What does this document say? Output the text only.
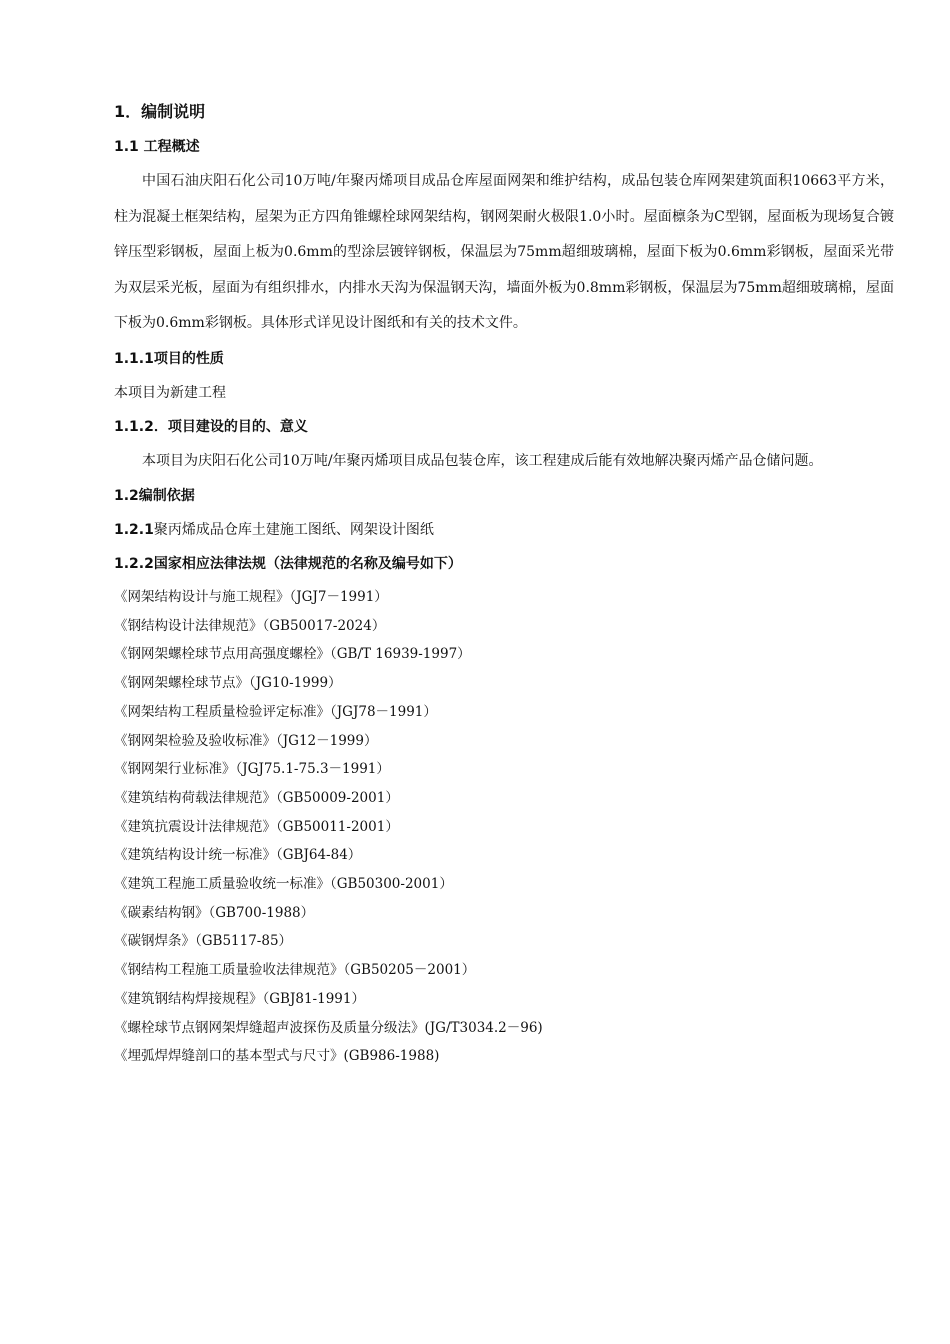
1．编制说明
1.1 工程概述

中国石油庆阳石化公司10万吨/年聚丙烯项目成品仓库屋面网架和维护结构，成品包装仓库网架建筑面积10663平方米，柱为混凝土框架结构，屋架为正方四角锥螺栓球网架结构，钢网架耐火极限1.0小时。屋面檩条为C型钢，屋面板为现场复合镀锌压型彩钢板，屋面上板为0.6mm的型涂层镀锌钢板，保温层为75mm超细玻璃棉，屋面下板为0.6mm彩钢板，屋面采光带为双层采光板，屋面为有组织排水，内排水天沟为保温钢天沟，墙面外板为0.8mm彩钢板，保温层为75mm超细玻璃棉，屋面下板为0.6mm彩钢板。具体形式详见设计图纸和有关的技术文件。

1.1.1项目的性质

本项目为新建工程

1.1.2．项目建设的目的、意义

本项目为庆阳石化公司10万吨/年聚丙烯项目成品包装仓库，该工程建成后能有效地解决聚丙烯产品仓储问题。

1.2编制依据
1.2.1聚丙烯成品仓库土建施工图纸、网架设计图纸
1.2.2国家相应法律法规（法律规范的名称及编号如下）
《网架结构设计与施工规程》（JGJ7－1991）
《钢结构设计法律规范》（GB50017-2024）
《钢网架螺栓球节点用高强度螺栓》（GB/T 16939-1997）
《钢网架螺栓球节点》（JG10-1999）
《网架结构工程质量检验评定标准》（JGJ78－1991）
《钢网架检验及验收标准》（JG12－1999）
《钢网架行业标准》（JGJ75.1-75.3－1991）
《建筑结构荷载法律规范》（GB50009-2001）
《建筑抗震设计法律规范》（GB50011-2001）
《建筑结构设计统一标准》（GBJ64-84）
《建筑工程施工质量验收统一标准》（GB50300-2001）
《碳素结构钢》（GB700-1988）
《碳钢焊条》（GB5117-85）
《钢结构工程施工质量验收法律规范》（GB50205－2001）
《建筑钢结构焊接规程》（GBJ81-1991）
《螺栓球节点钢网架焊缝超声波探伤及质量分级法》(JG/T3034.2－96)
《埋弧焊焊缝剖口的基本型式与尺寸》(GB986-1988)
